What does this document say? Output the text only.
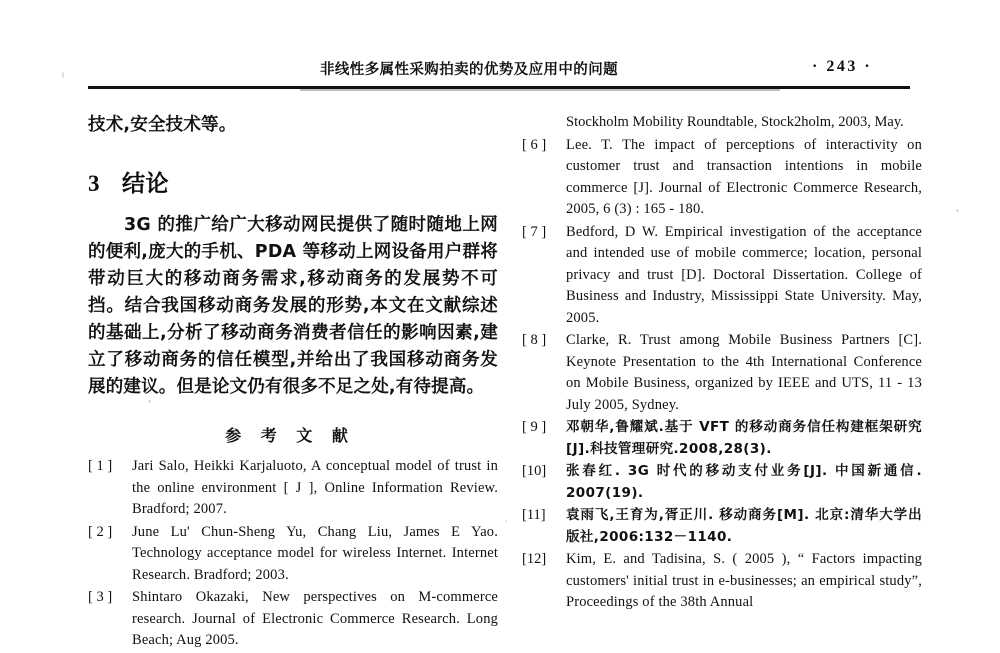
非线性多属性采购拍卖的优势及应用中的问题	· 243 ·

技术,安全技术等。

3 结论

3G 的推广给广大移动网民提供了随时随地上网的便利,庞大的手机、PDA 等移动上网设备用户群将带动巨大的移动商务需求,移动商务的发展势不可挡。结合我国移动商务发展的形势,本文在文献综述的基础上,分析了移动商务消费者信任的影响因素,建立了移动商务的信任模型,并给出了我国移动商务发展的建议。但是论文仍有很多不足之处,有待提高。

参 考 文 献
[ 1 ]	Jari Salo, Heikki Karjaluoto, A conceptual model of trust in the online environment [ J ], Online Information Review. Bradford; 2007.
[ 2 ]	June Lu' Chun-Sheng Yu, Chang Liu, James E Yao. Technology acceptance model for wireless Internet. Internet Research. Bradford; 2003.
[ 3 ]	Shintaro Okazaki, New perspectives on M-commerce research. Journal of Electronic Commerce Research. Long Beach; Aug 2005.
Stockholm Mobility Roundtable, Stock2holm, 2003, May.
[ 6 ]	Lee. T. The impact of perceptions of interactivity on customer trust and transaction intentions in mobile commerce [J]. Journal of Electronic Commerce Research, 2005, 6 (3) : 165 - 180.
[ 7 ]	Bedford, D W. Empirical investigation of the acceptance and intended use of mobile commerce; location, personal privacy and trust [D]. Doctoral Dissertation. College of Business and Industry, Mississippi State University. May, 2005.
[ 8 ]	Clarke, R. Trust among Mobile Business Partners [C]. Keynote Presentation to the 4th International Conference on Mobile Business, organized by IEEE and UTS, 11 - 13 July 2005, Sydney.
[ 9 ]	邓朝华,鲁耀斌.基于 VFT 的移动商务信任构建框架研究[J].科技管理研究.2008,28(3).
[10]	张春红. 3G 时代的移动支付业务[J]. 中国新通信. 2007(19).
[11]	袁雨飞,王育为,胥正川. 移动商务[M]. 北京:清华大学出版社,2006:132－1140.
[12]	Kim, E. and Tadisina, S. ( 2005 ), “ Factors impacting customers' initial trust in e-businesses; an empirical study”, Proceedings of the 38th Annual
